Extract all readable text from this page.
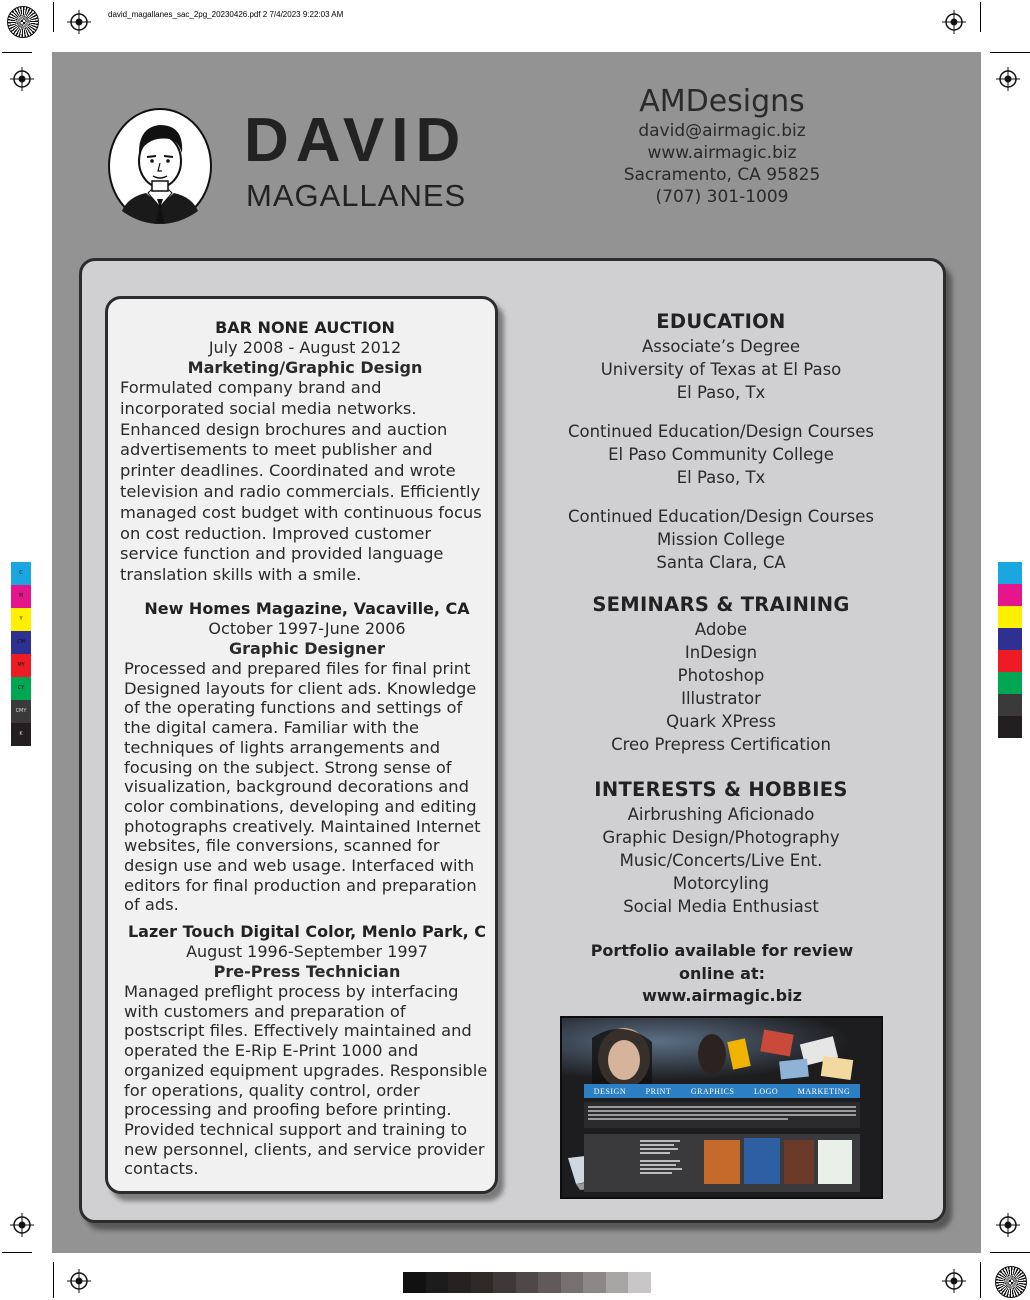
david_magallanes_sac_2pg_20230426.pdf 2 7/4/2023 9:22:03 AM
C
M
Y
CM
MY
CY
CMY
K
DAVID
MAGALLANES
AMDesigns
david@airmagic.biz
www.airmagic.biz
Sacramento, CA 95825
(707) 301-1009
BAR NONE AUCTION
July 2008 - August 2012
Marketing/Graphic Design
Formulated company brand and incorporated social media networks. Enhanced design brochures and auction advertisements to meet publisher and printer deadlines. Coordinated and wrote television and radio commercials. Efficiently managed cost budget with continuous focus on cost reduction. Improved customer service function and provided language translation skills with a smile.
New Homes Magazine, Vacaville, CA
October 1997-June 2006
Graphic Designer
Processed and prepared files for final print Designed layouts for client ads. Knowledge of the operating functions and settings of the digital camera. Familiar with the techniques of lights arrangements and focusing on the subject. Strong sense of visualization, background decorations and color combinations, developing and editing photographs creatively. Maintained Internet websites, file conversions, scanned for design use and web usage. Interfaced with editors for final production and preparation of ads.
Lazer Touch Digital Color, Menlo Park, C
August 1996-September 1997
Pre-Press Technician
Managed preflight process by interfacing with customers and preparation of postscript files. Effectively maintained and operated the E-Rip E-Print 1000 and organized equipment upgrades. Responsible for operations, quality control, order processing and proofing before printing. Provided technical support and training to new personnel, clients, and service provider contacts.
EDUCATION
Associate’s Degree
University of Texas at El Paso
El Paso, Tx
Continued Education/Design Courses
El Paso Community College
El Paso, Tx
Continued Education/Design Courses
Mission College
Santa Clara, CA
SEMINARS & TRAINING
Adobe
InDesign
Photoshop
Illustrator
Quark XPress
Creo Prepress Certification
INTERESTS & HOBBIES
Airbrushing Aficionado
Graphic Design/Photography
Music/Concerts/Live Ent.
Motorcyling
Social Media Enthusiast
Portfolio available for review
online at:
www.airmagic.biz
DESIGN PRINT GRAPHICS LOGO MARKETING
